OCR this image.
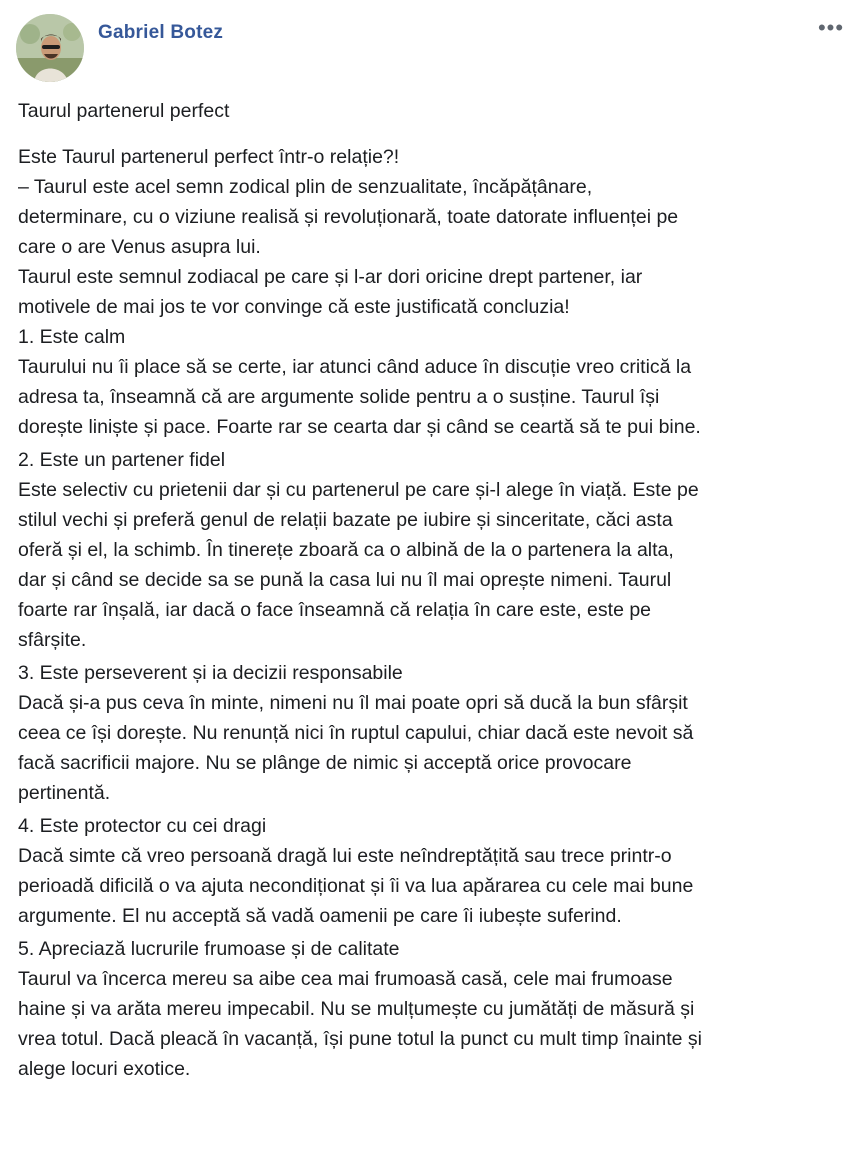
Gabriel Botez	•••
Taurul partenerul perfect
Este Taurul partenerul perfect într-o relație?!
– Taurul este acel semn zodical plin de senzualitate, încăpățânare,
determinare, cu o viziune realisă și revoluționară, toate datorate influenței pe
care o are Venus asupra lui.
Taurul este semnul zodiacal pe care și l-ar dori oricine drept partener, iar
motivele de mai jos te vor convinge că este justificată concluzia!
1. Este calm
Taurului nu îi place să se certe, iar atunci când aduce în discuție vreo critică la
adresa ta, înseamnă că are argumente solide pentru a o susține. Taurul își
dorește liniște și pace. Foarte rar se cearta dar și când se ceartă să te pui bine.
2. Este un partener fidel
Este selectiv cu prietenii dar și cu partenerul pe care și-l alege în viață. Este pe
stilul vechi și preferă genul de relații bazate pe iubire și sinceritate, căci asta
oferă și el, la schimb. În tinerețe zboară ca o albină de la o partenera la alta,
dar și când se decide sa se pună la casa lui nu îl mai oprește nimeni. Taurul
foarte rar înșală, iar dacă o face înseamnă că relația în care este, este pe
sfârșite.
3. Este perseverent și ia decizii responsabile
Dacă și-a pus ceva în minte, nimeni nu îl mai poate opri să ducă la bun sfârșit
ceea ce își dorește. Nu renunță nici în ruptul capului, chiar dacă este nevoit să
facă sacrificii majore. Nu se plânge de nimic și acceptă orice provocare
pertinentă.
4. Este protector cu cei dragi
Dacă simte că vreo persoană dragă lui este neîndreptățită sau trece printr-o
perioadă dificilă o va ajuta necondiționat și îi va lua apărarea cu cele mai bune
argumente. El nu acceptă să vadă oamenii pe care îi iubește suferind.
5. Apreciază lucrurile frumoase și de calitate
Taurul va încerca mereu sa aibe cea mai frumoasă casă, cele mai frumoase
haine și va arăta mereu impecabil. Nu se mulțumește cu jumătăți de măsură și
vrea totul. Dacă pleacă în vacanță, își pune totul la punct cu mult timp înainte și
alege locuri exotice.
